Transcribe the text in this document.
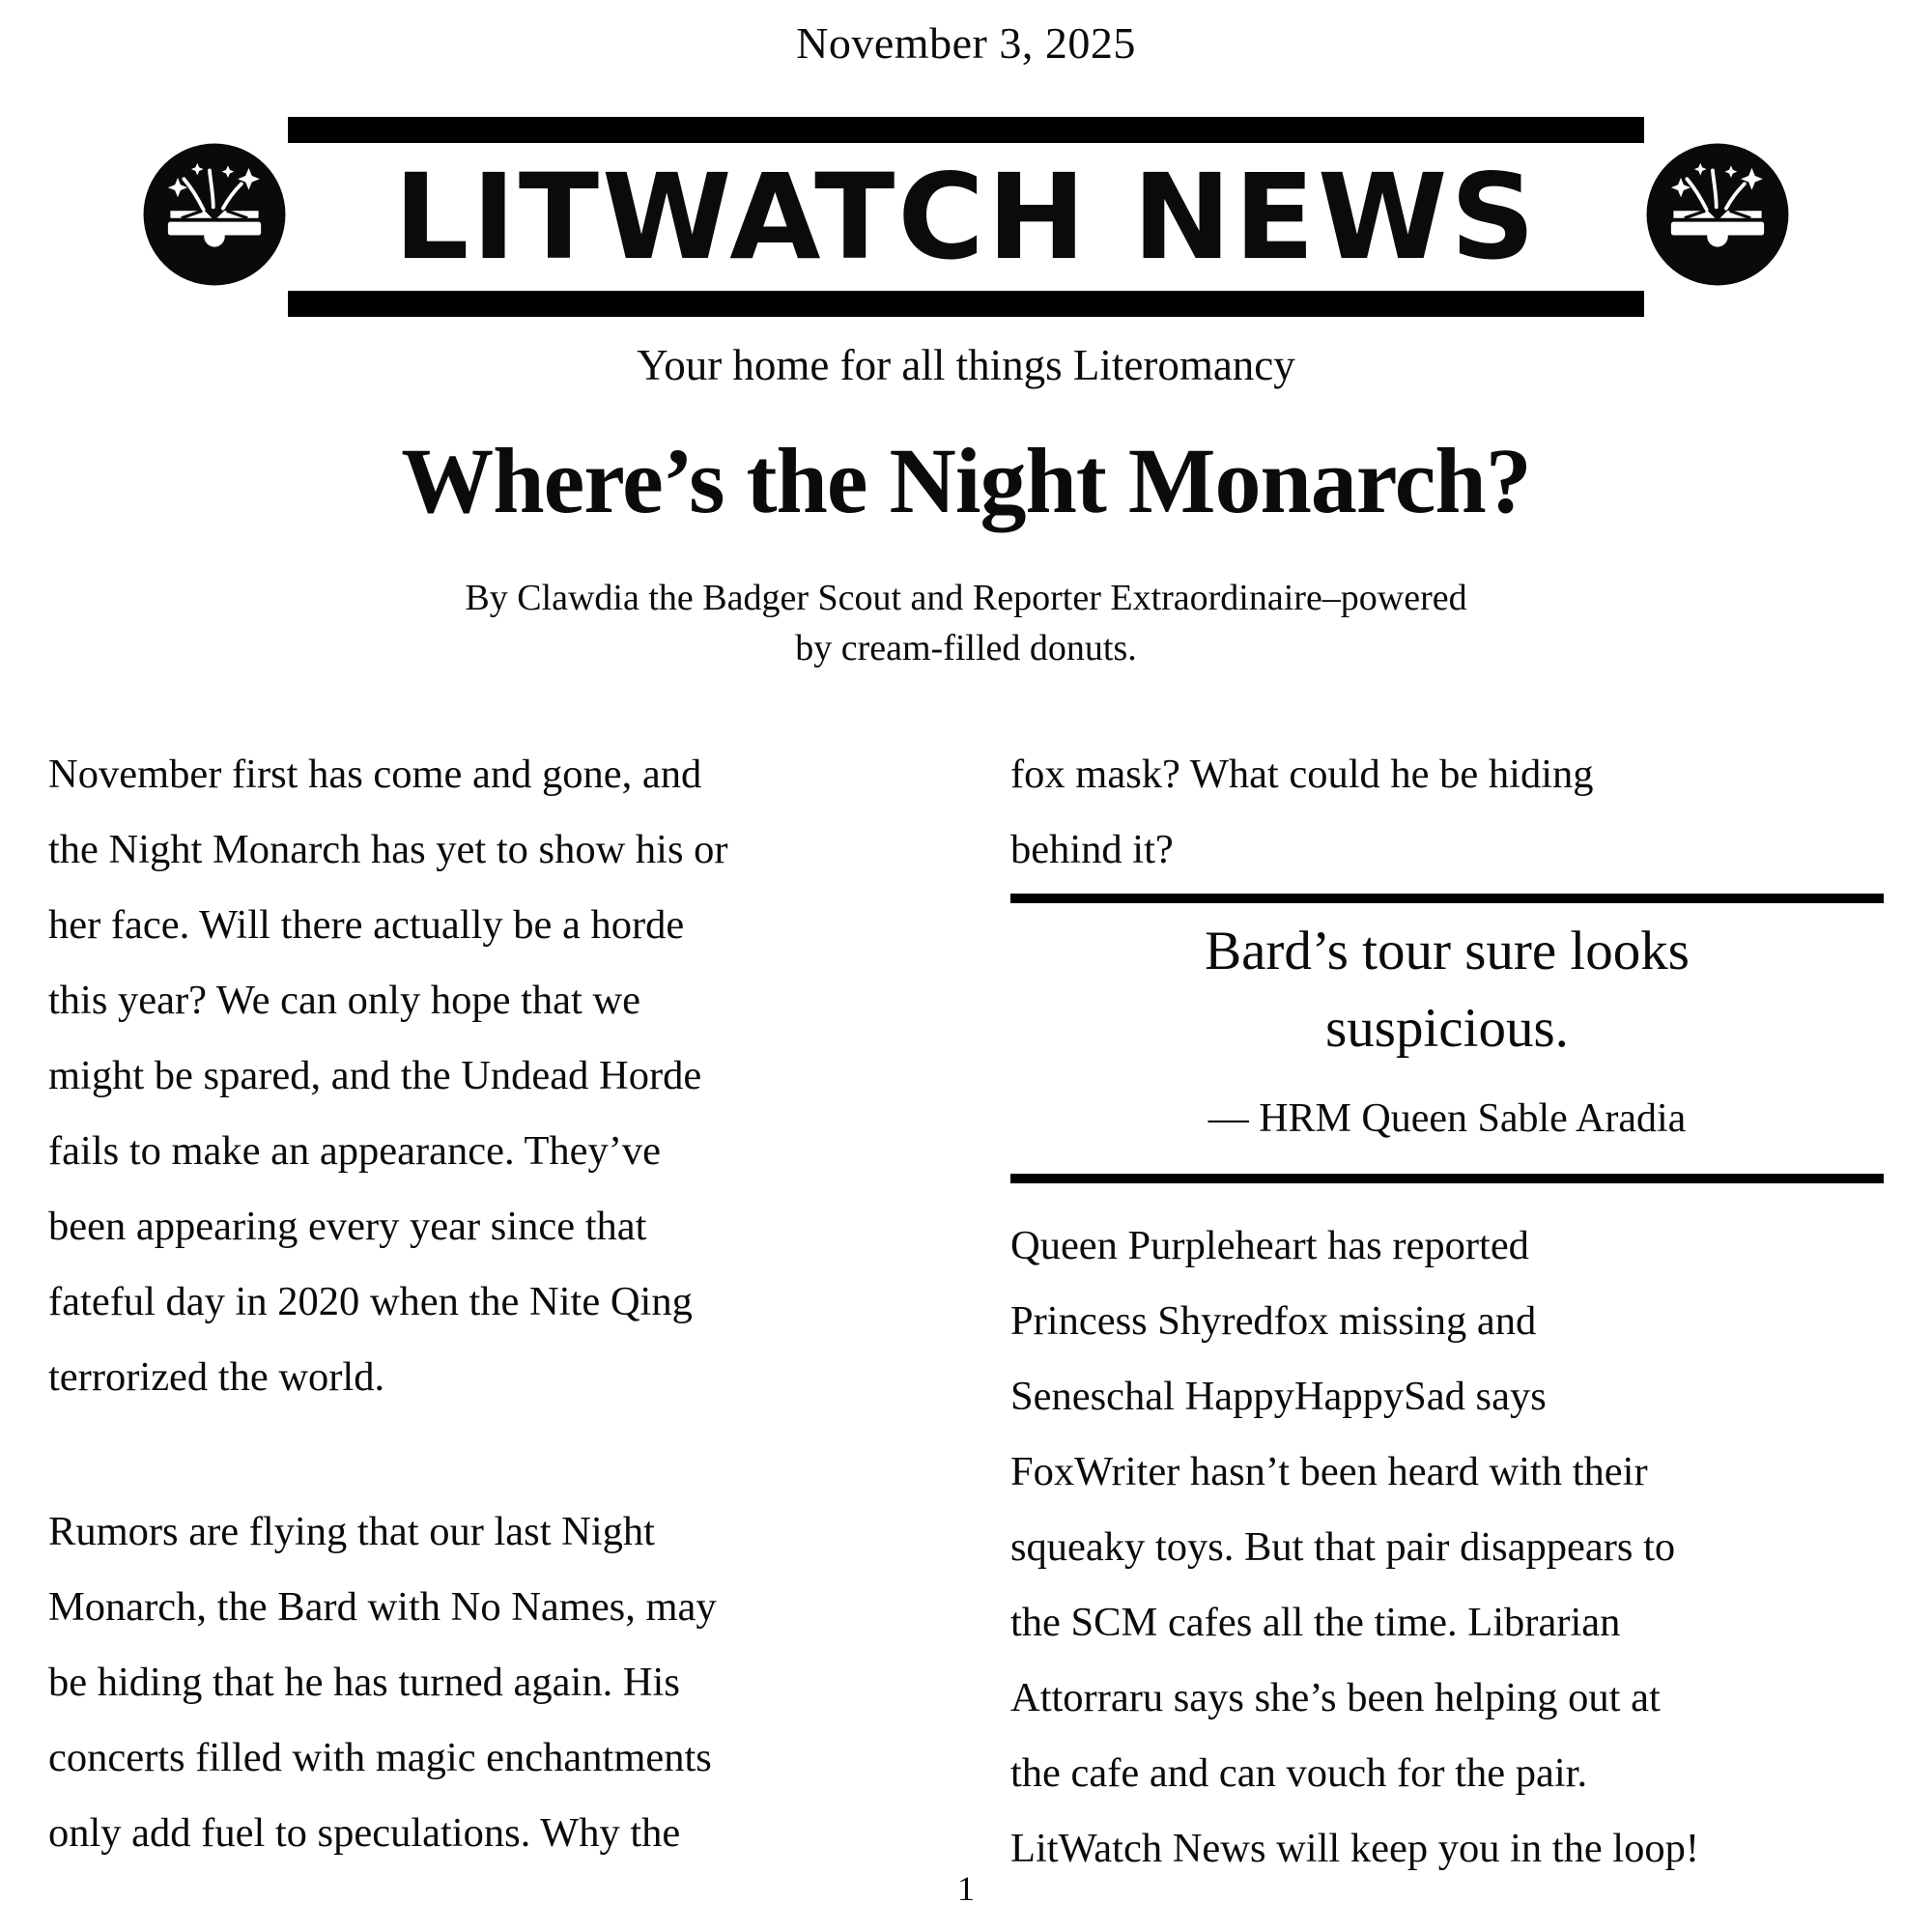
November 3, 2025
LITWATCH NEWS
Your home for all things Literomancy
Where’s the Night Monarch?
By Clawdia the Badger Scout and Reporter Extraordinaire–powered
by cream-filled donuts.
November first has come and gone, and
the Night Monarch has yet to show his or
her face. Will there actually be a horde
this year? We can only hope that we
might be spared, and the Undead Horde
fails to make an appearance. They’ve
been appearing every year since that
fateful day in 2020 when the Nite Qing
terrorized the world.
Rumors are flying that our last Night
Monarch, the Bard with No Names, may
be hiding that he has turned again. His
concerts filled with magic enchantments
only add fuel to speculations. Why the
fox mask? What could he be hiding
behind it?
Bard’s tour sure looks
suspicious.
— HRM Queen Sable Aradia
Queen Purpleheart has reported
Princess Shyredfox missing and
Seneschal HappyHappySad says
FoxWriter hasn’t been heard with their
squeaky toys. But that pair disappears to
the SCM cafes all the time. Librarian
Attorraru says she’s been helping out at
the cafe and can vouch for the pair.
LitWatch News will keep you in the loop!
1
